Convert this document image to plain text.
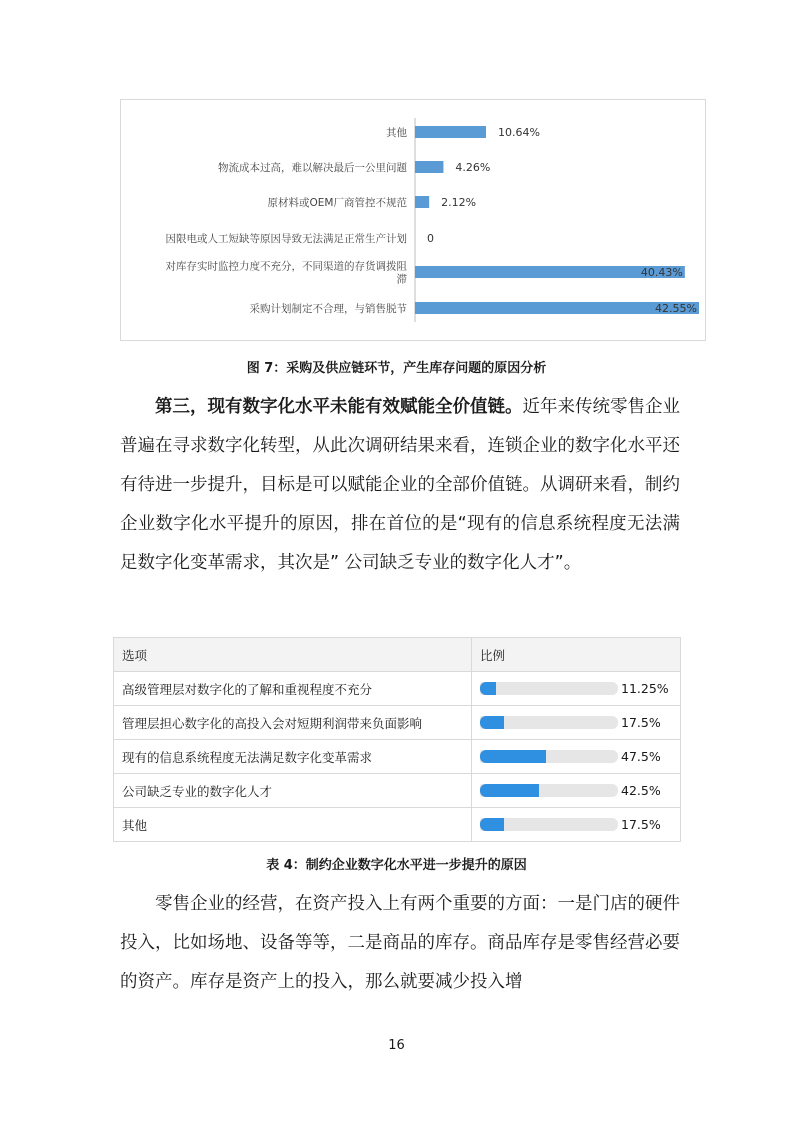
10.64%
其他
4.26%
物流成本过高，难以解决最后一公里问题
2.12%
原材料或OEM厂商管控不规范
0
因限电或人工短缺等原因导致无法满足正常生产计划
40.43%
对库存实时监控力度不充分，不同渠道的存货调拨阻
滞
42.55%
采购计划制定不合理，与销售脱节
图 7：采购及供应链环节，产生库存问题的原因分析

第三，现有数字化水平未能有效赋能全价值链。近年来传统零售企业普遍在寻求数字化转型，从此次调研结果来看，连锁企业的数字化水平还有待进一步提升，目标是可以赋能企业的全部价值链。从调研来看，制约企业数字化水平提升的原因，排在首位的是“现有的信息系统程度无法满足数字化变革需求，其次是” 公司缺乏专业的数字化人才”。

选项	比例
高级管理层对数字化的了解和重视程度不充分	11.25%

管理层担心数字化的高投入会对短期利润带来负面影响	17.5%

现有的信息系统程度无法满足数字化变革需求	47.5%

公司缺乏专业的数字化人才	42.5%

其他	17.5%
表 4：制约企业数字化水平进一步提升的原因

零售企业的经营，在资产投入上有两个重要的方面：一是门店的硬件投入，比如场地、设备等等，二是商品的库存。商品库存是零售经营必要的资产。库存是资产上的投入，那么就要减少投入增

16
